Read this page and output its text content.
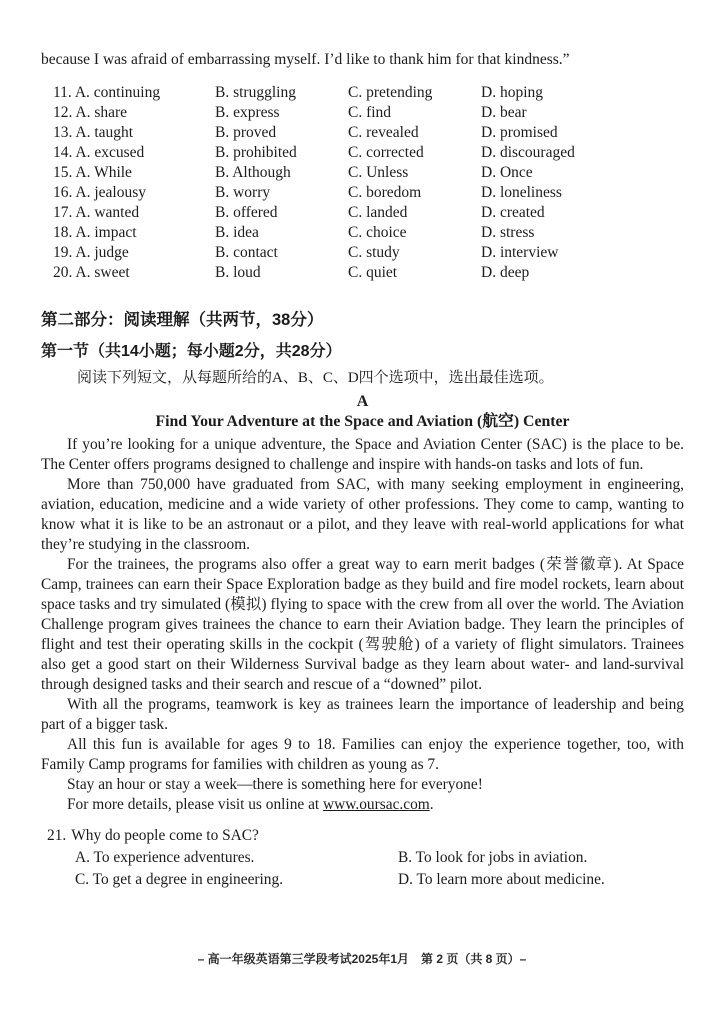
because I was afraid of embarrassing myself. I’d like to thank him for that kindness.”
11. A. continuing	B. struggling	C. pretending	D. hoping
12. A. share	B. express	C. find	D. bear
13. A. taught	B. proved	C. revealed	D. promised
14. A. excused	B. prohibited	C. corrected	D. discouraged
15. A. While	B. Although	C. Unless	D. Once
16. A. jealousy	B. worry	C. boredom	D. loneliness
17. A. wanted	B. offered	C. landed	D. created
18. A. impact	B. idea	C. choice	D. stress
19. A. judge	B. contact	C. study	D. interview
20. A. sweet	B. loud	C. quiet	D. deep
第二部分：阅读理解（共两节，38分）
第一节（共14小题；每小题2分，共28分）
阅读下列短文，从每题所给的A、B、C、D四个选项中，选出最佳选项。
A
Find Your Adventure at the Space and Aviation (航空) Center

If you’re looking for a unique adventure, the Space and Aviation Center (SAC) is the place to be. The Center offers programs designed to challenge and inspire with hands-on tasks and lots of fun.

More than 750,000 have graduated from SAC, with many seeking employment in engineering, aviation, education, medicine and a wide variety of other professions. They come to camp, wanting to know what it is like to be an astronaut or a pilot, and they leave with real-world applications for what they’re studying in the classroom.

For the trainees, the programs also offer a great way to earn merit badges (荣誉徽章). At Space Camp, trainees can earn their Space Exploration badge as they build and fire model rockets, learn about space tasks and try simulated (模拟) flying to space with the crew from all over the world. The Aviation Challenge program gives trainees the chance to earn their Aviation badge. They learn the principles of flight and test their operating skills in the cockpit (驾驶舱) of a variety of flight simulators. Trainees also get a good start on their Wilderness Survival badge as they learn about water- and land-survival through designed tasks and their search and rescue of a “downed” pilot.

With all the programs, teamwork is key as trainees learn the importance of leadership and being part of a bigger task.

All this fun is available for ages 9 to 18. Families can enjoy the experience together, too, with Family Camp programs for families with children as young as 7.

Stay an hour or stay a week—there is something here for everyone!

For more details, please visit us online at www.oursac.com.

21. Why do people come to SAC?
A. To experience adventures.	B. To look for jobs in aviation.
C. To get a degree in engineering.	D. To learn more about medicine.
– 高一年级英语第三学段考试2025年1月　第 2 页（共 8 页）–
